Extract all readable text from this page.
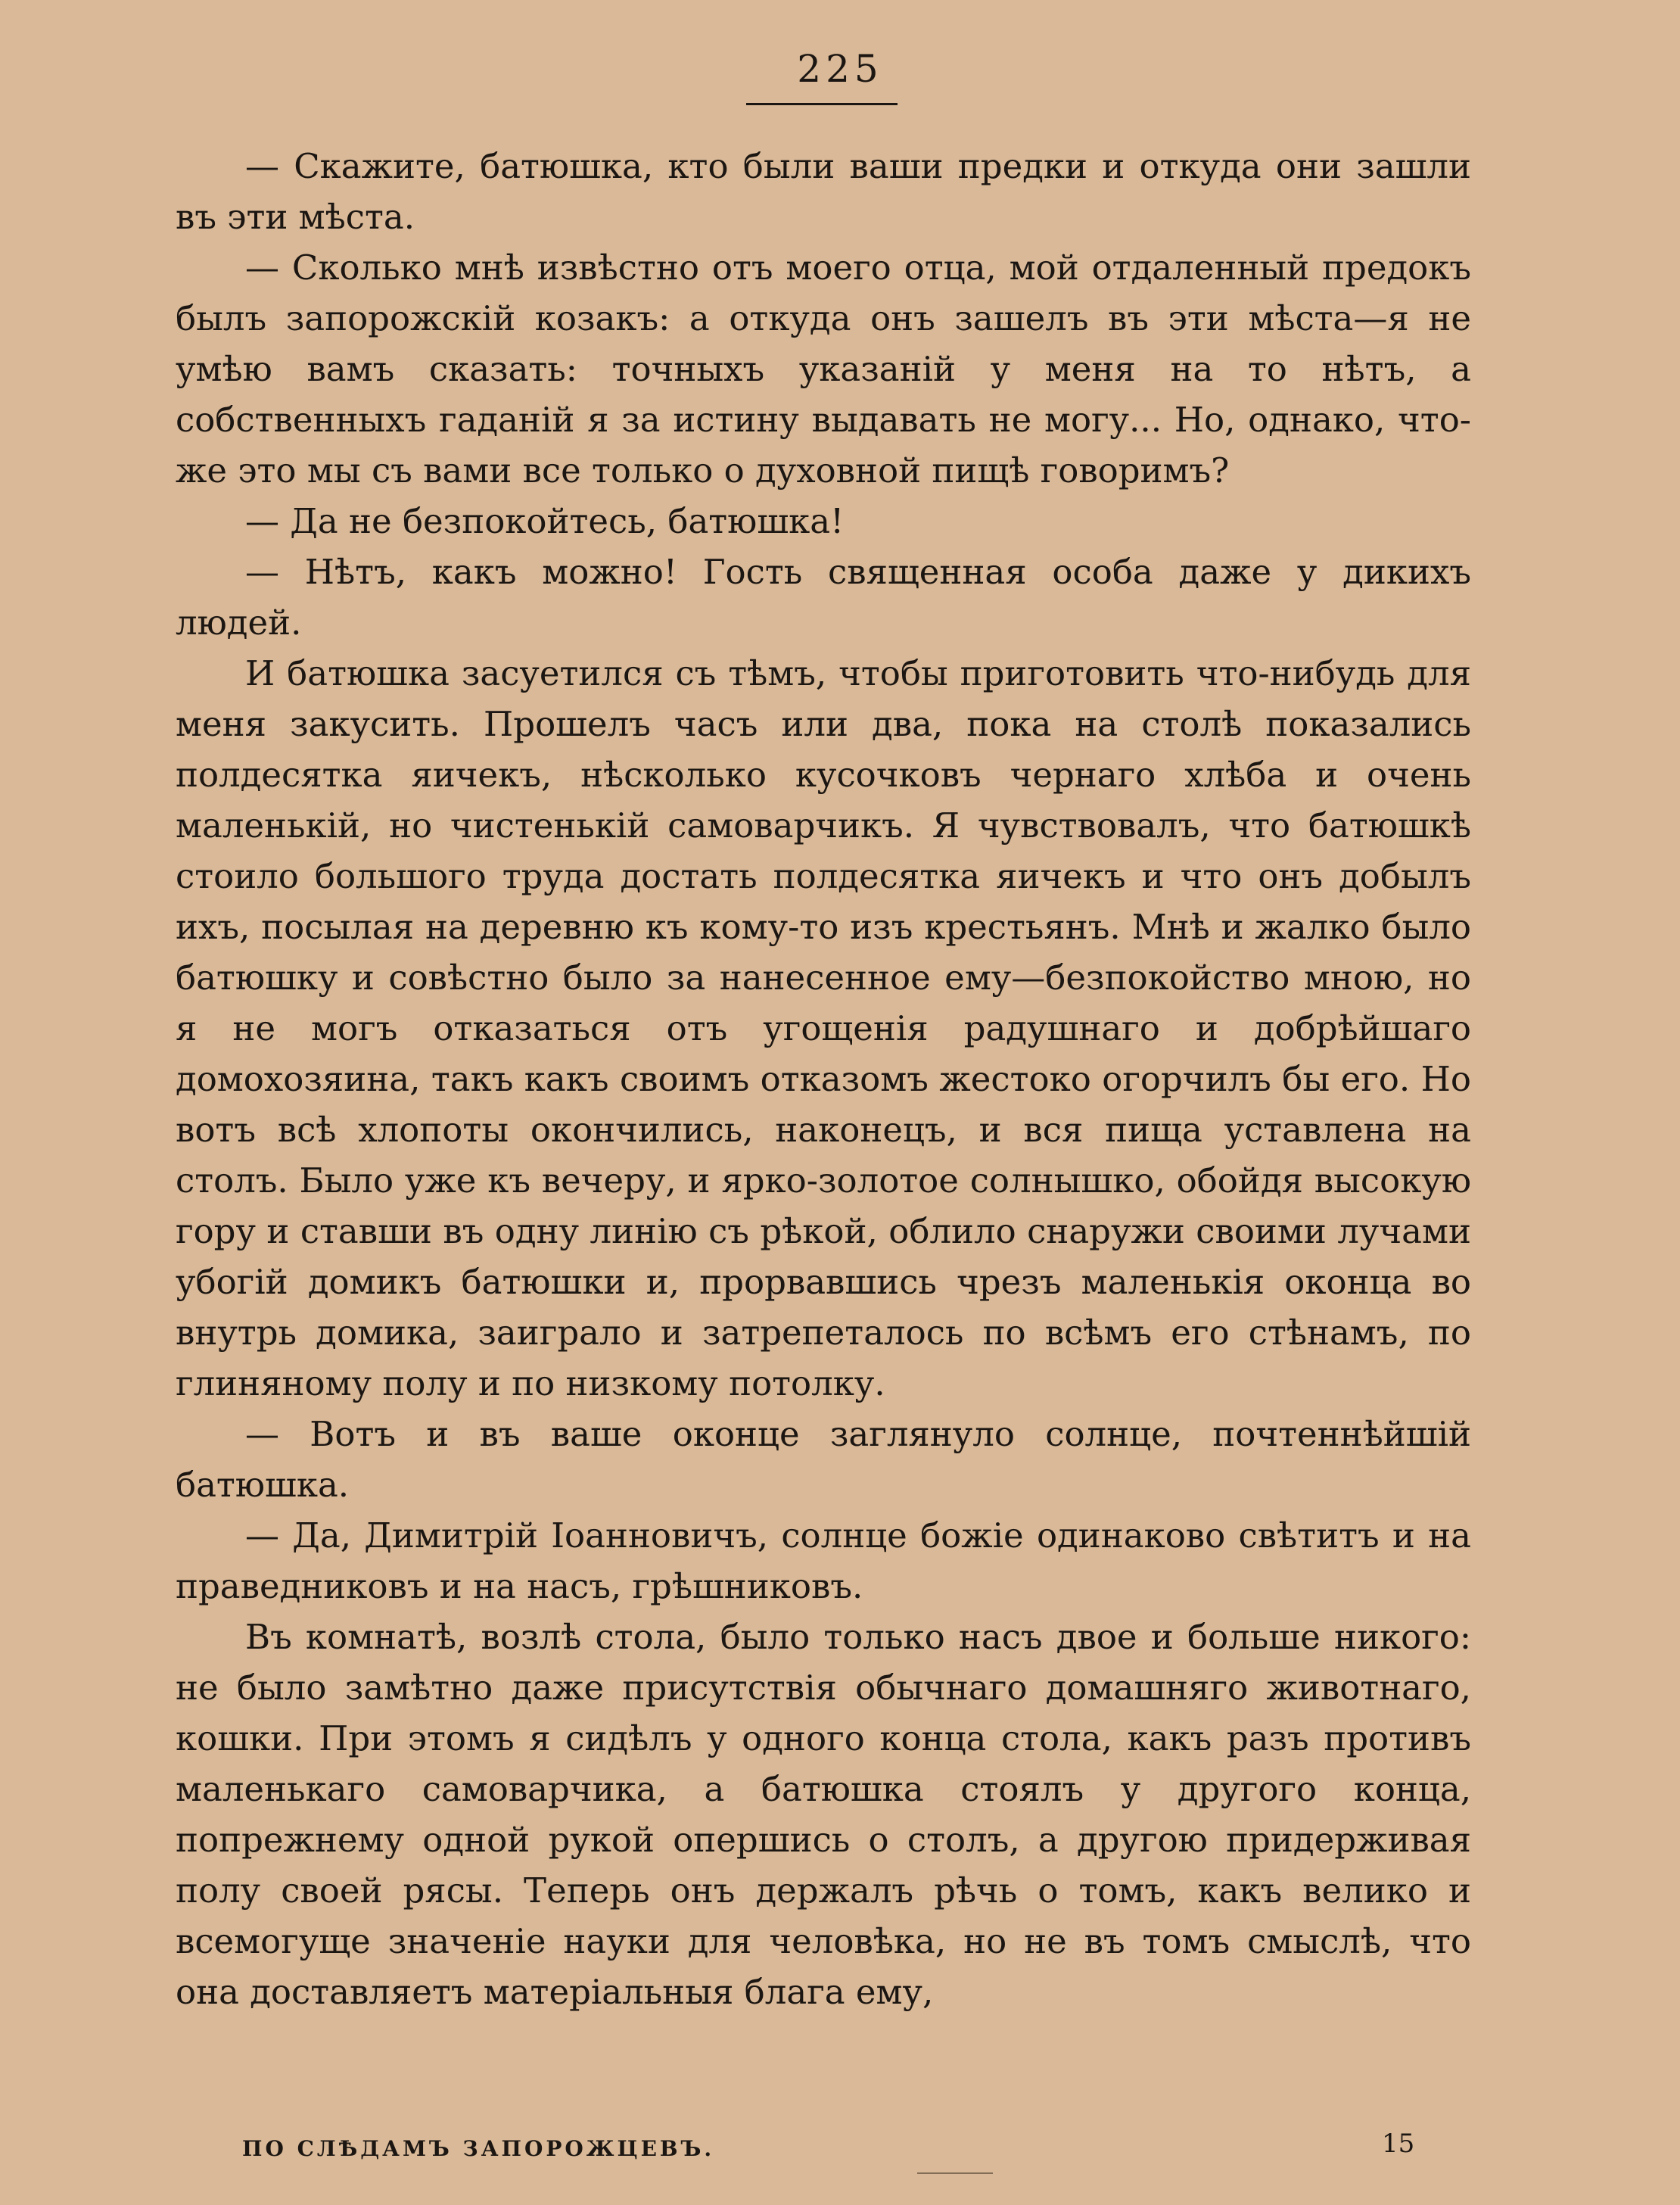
225

— Скажите, батюшка, кто были ваши предки и откуда они зашли въ эти мѣста.

— Сколько мнѣ извѣстно отъ моего отца, мой отдаленный предокъ былъ запорожскій козакъ: а откуда онъ зашелъ въ эти мѣста—я не умѣю вамъ сказать: точныхъ указаній у меня на то нѣтъ, а собственныхъ гаданій я за истину выдавать не могу... Но, однако, что-же это мы съ вами все только о духовной пищѣ говоримъ?

— Да не безпокойтесь, батюшка!

— Нѣтъ, какъ можно! Гость священная особа даже у дикихъ людей.

И батюшка засуетился съ тѣмъ, чтобы приготовить что-нибудь для меня закусить. Прошелъ часъ или два, пока на столѣ показались полдесятка яичекъ, нѣсколько кусочковъ чернаго хлѣба и очень маленькій, но чистенькій самоварчикъ. Я чувствовалъ, что батюшкѣ стоило большого труда достать полдесятка яичекъ и что онъ добылъ ихъ, посылая на деревню къ кому-то изъ крестьянъ. Мнѣ и жалко было батюшку и совѣстно было за нанесенное ему—безпокойство мною, но я не могъ отказаться отъ угощенія радушнаго и добрѣйшаго домохозяина, такъ какъ своимъ отказомъ жестоко огорчилъ бы его. Но вотъ всѣ хлопоты окончились, наконецъ, и вся пища уставлена на столъ. Было уже къ вечеру, и ярко-золотое солнышко, обойдя высокую гору и ставши въ одну линію съ рѣкой, облило снаружи своими лучами убогій домикъ батюшки и, прорвавшись чрезъ маленькія оконца во внутрь домика, заиграло и затрепеталось по всѣмъ его стѣнамъ, по глиняному полу и по низкому потолку.

— Вотъ и въ ваше оконце заглянуло солнце, почтеннѣйшій батюшка.

— Да, Димитрій Іоанновичъ, солнце божіе одинаково свѣтитъ и на праведниковъ и на насъ, грѣшниковъ.

Въ комнатѣ, возлѣ стола, было только насъ двое и больше никого: не было замѣтно даже присутствія обычнаго домашняго животнаго, кошки. При этомъ я сидѣлъ у одного конца стола, какъ разъ противъ маленькаго самоварчика, а батюшка стоялъ у другого конца, попрежнему одной рукой опершись о столъ, а другою придерживая полу своей рясы. Теперь онъ держалъ рѣчь о томъ, какъ велико и всемогуще значеніе науки для человѣка, но не въ томъ смыслѣ, что она доставляетъ матеріальныя блага ему,

ПО СЛѢДАМЪ ЗАПОРОЖЦЕВЪ.	15
